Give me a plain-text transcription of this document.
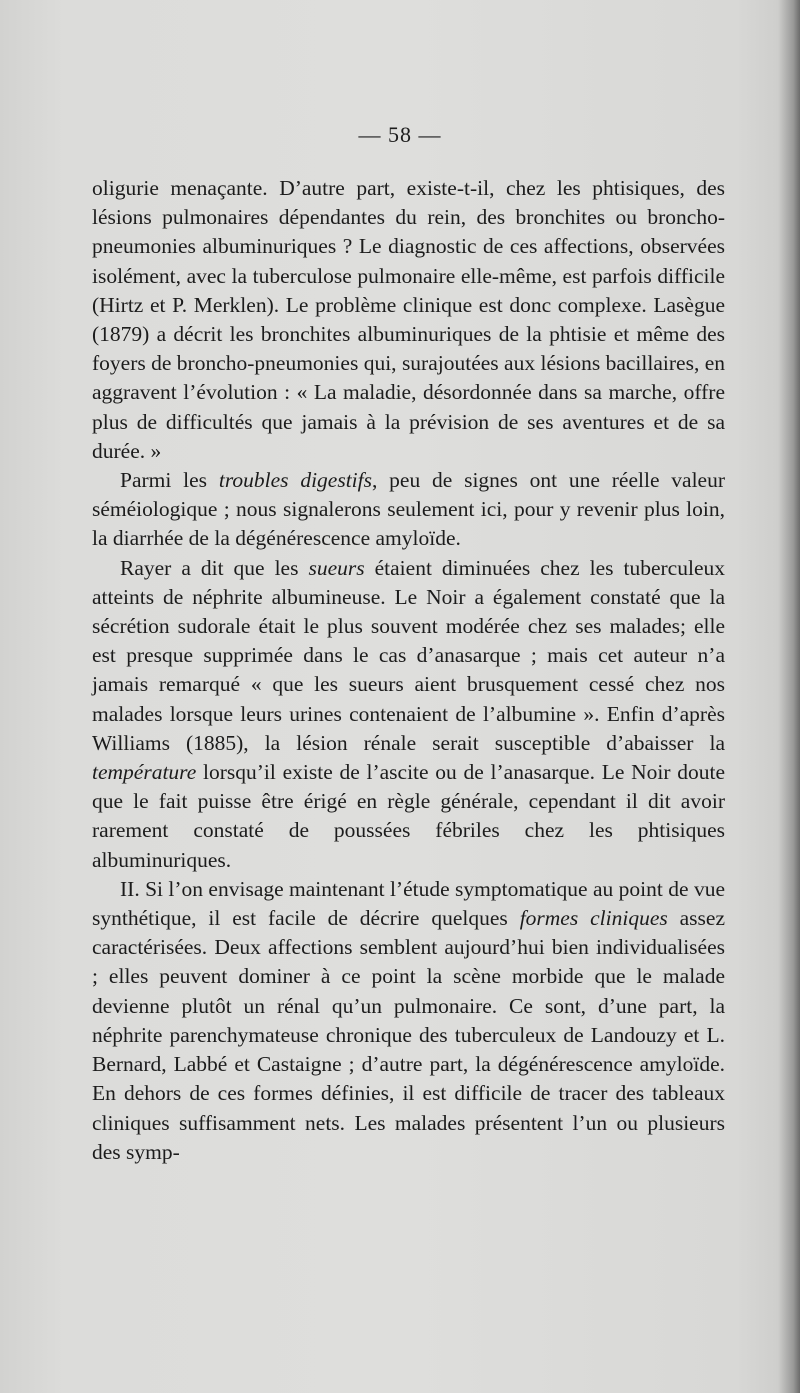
— 58 —

oligurie menaçante. D’autre part, existe-t-il, chez les phtisiques, des lésions pulmonaires dépendantes du rein, des bronchites ou broncho-pneumonies albuminuriques ? Le diagnostic de ces affections, observées isolément, avec la tuberculose pulmonaire elle-même, est parfois difficile (Hirtz et P. Merklen). Le problème clinique est donc complexe. Lasègue (1879) a décrit les bronchites albuminuriques de la phtisie et même des foyers de broncho-pneumonies qui, surajoutées aux lésions bacillaires, en aggravent l’évolution : « La maladie, désordonnée dans sa marche, offre plus de difficultés que jamais à la prévision de ses aventures et de sa durée. »

Parmi les troubles digestifs, peu de signes ont une réelle valeur séméiologique ; nous signalerons seulement ici, pour y revenir plus loin, la diarrhée de la dégénérescence amyloïde.

Rayer a dit que les sueurs étaient diminuées chez les tuberculeux atteints de néphrite albumineuse. Le Noir a également constaté que la sécrétion sudorale était le plus souvent modérée chez ses malades; elle est presque supprimée dans le cas d’anasarque ; mais cet auteur n’a jamais remarqué « que les sueurs aient brusquement cessé chez nos malades lorsque leurs urines contenaient de l’albumine ». Enfin d’après Williams (1885), la lésion rénale serait susceptible d’abaisser la température lorsqu’il existe de l’ascite ou de l’anasarque. Le Noir doute que le fait puisse être érigé en règle générale, cependant il dit avoir rarement constaté de poussées fébriles chez les phtisiques albuminuriques.

II. Si l’on envisage maintenant l’étude symptomatique au point de vue synthétique, il est facile de décrire quelques formes cliniques assez caractérisées. Deux affections semblent aujourd’hui bien individualisées ; elles peuvent dominer à ce point la scène morbide que le malade devienne plutôt un rénal qu’un pulmonaire. Ce sont, d’une part, la néphrite parenchymateuse chronique des tuberculeux de Landouzy et L. Bernard, Labbé et Castaigne ; d’autre part, la dégénérescence amyloïde. En dehors de ces formes définies, il est difficile de tracer des tableaux cliniques suffisamment nets. Les malades présentent l’un ou plusieurs des symp-
